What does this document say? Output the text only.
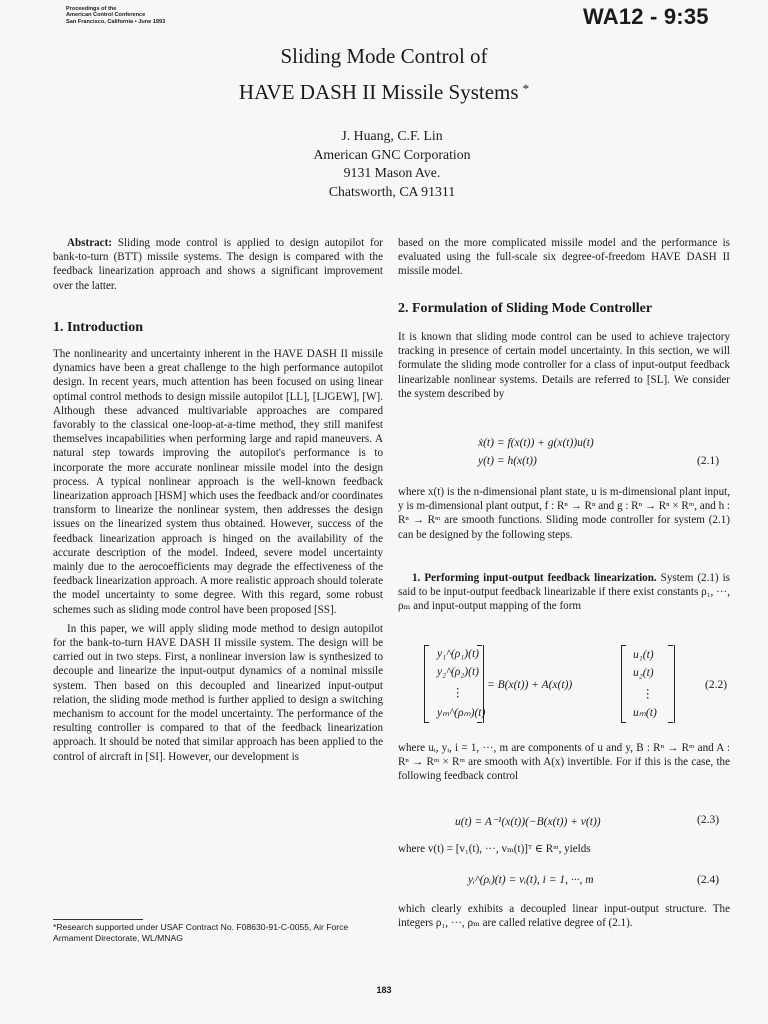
Proceedings of the
American Control Conference
San Francisco, California • June 1993	WA12 - 9:35
Sliding Mode Control of
HAVE DASH II Missile Systems *
J. Huang, C.F. Lin
American GNC Corporation
9131 Mason Ave.
Chatsworth, CA 91311

Abstract: Sliding mode control is applied to design autopilot for bank-to-turn (BTT) missile systems. The design is compared with the feedback linearization approach and shows a significant improvement over the latter.

1. Introduction

The nonlinearity and uncertainty inherent in the HAVE DASH II missile dynamics have been a great challenge to the high performance autopilot design. In recent years, much attention has been focused on using linear optimal control methods to design missile autopilot [LL], [LJGEW], [W]. Although these advanced multivariable approaches are compared favorably to the classical one-loop-at-a-time method, they still manifest themselves incapabilities when performing large and rapid maneuvers. A natural step towards improving the autopilot's performance is to incorporate the more accurate nonlinear missile model into the design process. A typical nonlinear approach is the well-known feedback linearization approach [HSM] which uses the feedback and/or coordinates transform to linearize the nonlinear system, then addresses the design issues on the linearized system thus obtained. However, success of the feedback linearization approach is hinged on the availability of the accurate description of the model. Indeed, severe model uncertainty mainly due to the aerocoefficients may degrade the effectiveness of the feedback linearization approach. A more realistic approach should tolerate the model uncertainty to some degree. With this regard, some robust schemes such as sliding mode control have been proposed [SS].

In this paper, we will apply sliding mode method to design autopilot for the bank-to-turn HAVE DASH II missile system. The design will be carried out in two steps. First, a nonlinear inversion law is synthesized to decouple and linearize the input-output dynamics of a nominal missile system. Then based on this decoupled and linearized input-output relation, the sliding mode method is further applied to design a switching mechanism to account for the model uncertainty. The performance of the resulting controller is compared to that of the feedback linearization approach. It should be noted that similar approach has been applied to the control of aircraft in [SI]. However, our development is

*Research supported under USAF Contract No. F08630-91-C-0055, Air Force Armament Directorate, WL/MNAG
based on the more complicated missile model and the performance is evaluated using the full-scale six degree-of-freedom HAVE DASH II missile model.
2. Formulation of Sliding Mode Controller
It is known that sliding mode control can be used to achieve trajectory tracking in presence of certain model uncertainty. In this section, we will formulate the sliding mode controller for a class of input-output feedback linearizable nonlinear systems. Details are referred to [SL]. We consider the system described by
ẋ(t) = f(x(t)) + g(x(t))u(t)
y(t) = h(x(t))	(2.1)
where x(t) is the n-dimensional plant state, u is m-dimensional plant input, y is m-dimensional plant output, f : Rⁿ → Rⁿ and g : Rⁿ → Rⁿ × Rᵐ, and h : Rⁿ → Rᵐ are smooth functions. Sliding mode controller for system (2.1) can be designed by the following steps.

1. Performing input-output feedback linearization. System (2.1) is said to be input-output feedback linearizable if there exist constants ρ₁, ···, ρₘ and input-output mapping of the form

y₁^(ρ₁)(t)
y₂^(ρ₂)(t)
⋮
yₘ^(ρₘ)(t)
= B(x(t)) + A(x(t))
u₁(t)
u₂(t)
⋮
uₘ(t)
(2.2)
where uᵢ, yᵢ, i = 1, ···, m are components of u and y, B : Rⁿ → Rᵐ and A : Rⁿ → Rᵐ × Rᵐ are smooth with A(x) invertible. For if this is the case, the following feedback control
u(t) = A⁻¹(x(t))(−B(x(t)) + v(t))	(2.3)
where v(t) = [v₁(t), ···, vₘ(t)]ᵀ ∈ Rᵐ, yields
yᵢ^(ρᵢ)(t) = vᵢ(t), i = 1, ···, m	(2.4)
which clearly exhibits a decoupled linear input-output structure. The integers ρ₁, ···, ρₘ are called relative degree of (2.1).
183
